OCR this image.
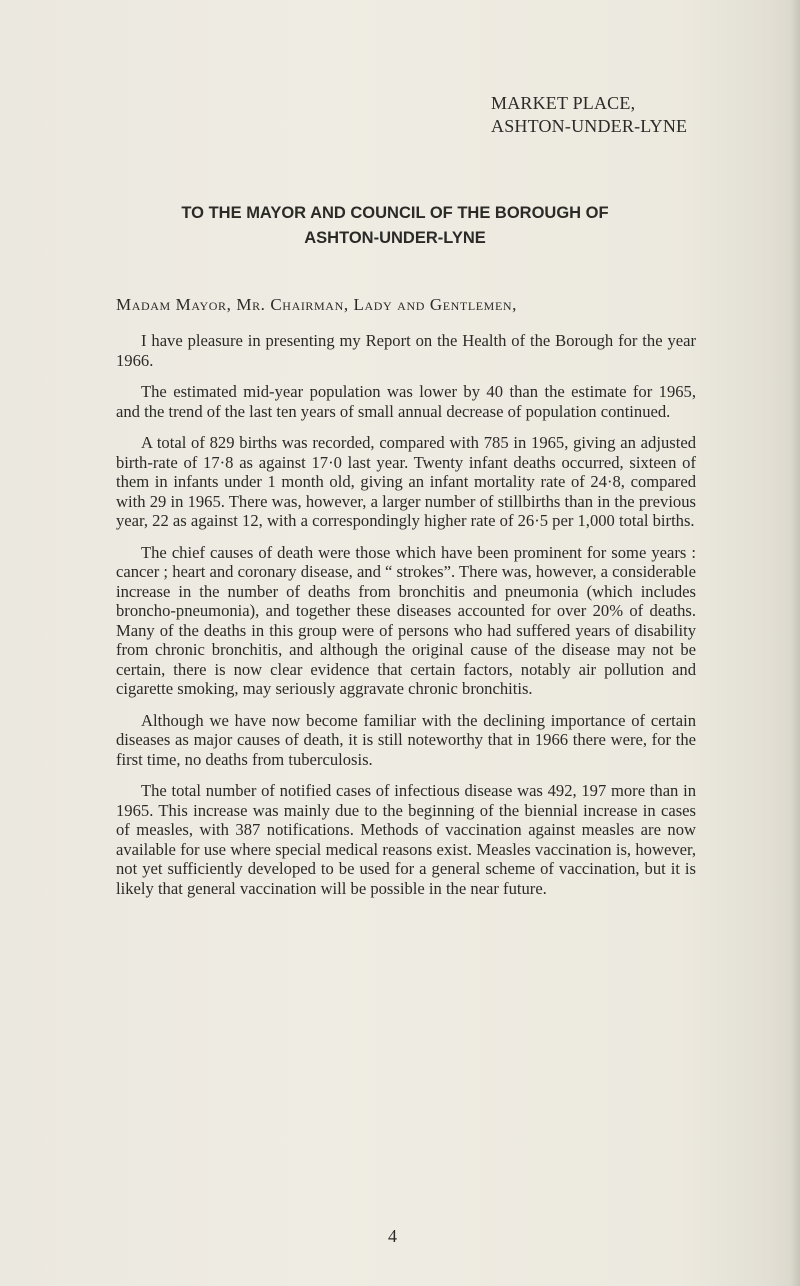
MARKET PLACE,
ASHTON-UNDER-LYNE
TO THE MAYOR AND COUNCIL OF THE BOROUGH OF
ASHTON-UNDER-LYNE
Madam Mayor, Mr. Chairman, Lady and Gentlemen,

I have pleasure in presenting my Report on the Health of the Borough for the year 1966.

The estimated mid-year population was lower by 40 than the estimate for 1965, and the trend of the last ten years of small annual decrease of population continued.

A total of 829 births was recorded, compared with 785 in 1965, giving an adjusted birth-rate of 17·8 as against 17·0 last year. Twenty infant deaths occurred, sixteen of them in infants under 1 month old, giving an infant mortality rate of 24·8, compared with 29 in 1965. There was, however, a larger number of stillbirths than in the previous year, 22 as against 12, with a correspondingly higher rate of 26·5 per 1,000 total births.

The chief causes of death were those which have been prominent for some years : cancer ; heart and coronary disease, and “ strokes”. There was, however, a considerable increase in the number of deaths from bronchitis and pneumonia (which includes broncho-pneumonia), and together these diseases accounted for over 20% of deaths. Many of the deaths in this group were of persons who had suffered years of disability from chronic bronchitis, and although the original cause of the disease may not be certain, there is now clear evidence that certain factors, notably air pollution and cigarette smoking, may seriously aggravate chronic bronchitis.

Although we have now become familiar with the declining importance of certain diseases as major causes of death, it is still noteworthy that in 1966 there were, for the first time, no deaths from tuberculosis.

The total number of notified cases of infectious disease was 492, 197 more than in 1965. This increase was mainly due to the beginning of the biennial increase in cases of measles, with 387 notifications. Methods of vaccination against measles are now available for use where special medical reasons exist. Measles vaccination is, however, not yet sufficiently developed to be used for a general scheme of vaccination, but it is likely that general vaccination will be possible in the near future.

4
